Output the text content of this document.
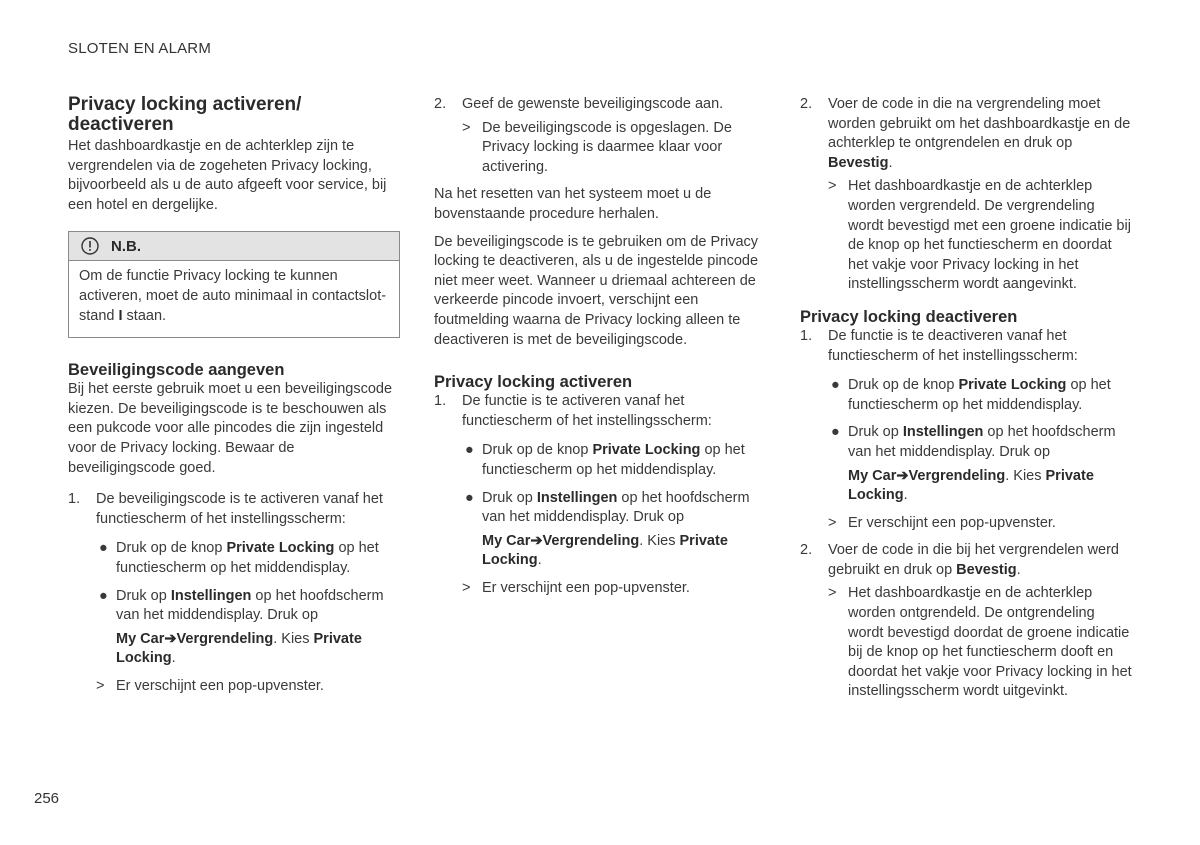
SLOTEN EN ALARM
Privacy locking activeren/ deactiveren

Het dashboardkastje en de achterklep zijn te vergrendelen via de zogeheten Privacy locking, bijvoorbeeld als u de auto afgeeft voor service, bij een hotel en dergelijke.

N.B.
Om de functie Privacy locking te kunnen activeren, moet de auto minimaal in contactslot-stand I staan.
Beveiligingscode aangeven

Bij het eerste gebruik moet u een beveiligingscode kiezen. De beveiligingscode is te beschouwen als een pukcode voor alle pincodes die zijn ingesteld voor de Privacy locking. Bewaar de beveiligingscode goed.

1. De beveiligingscode is te activeren vanaf het functiescherm of het instellingsscherm:
● Druk op de knop Private Locking op het functiescherm op het middendisplay.
● Druk op Instellingen op het hoofdscherm van het middendisplay. Druk op
My Car➔Vergrendeling. Kies Private Locking.
> Er verschijnt een pop-upvenster.
2. Geef de gewenste beveiligingscode aan.
> De beveiligingscode is opgeslagen. De Privacy locking is daarmee klaar voor activering.

Na het resetten van het systeem moet u de bovenstaande procedure herhalen.

De beveiligingscode is te gebruiken om de Privacy locking te deactiveren, als u de ingestelde pincode niet meer weet. Wanneer u driemaal achtereen de verkeerde pincode invoert, verschijnt een foutmelding waarna de Privacy locking alleen te deactiveren is met de beveiligingscode.

Privacy locking activeren
1. De functie is te activeren vanaf het functiescherm of het instellingsscherm:
● Druk op de knop Private Locking op het functiescherm op het middendisplay.
● Druk op Instellingen op het hoofdscherm van het middendisplay. Druk op
My Car➔Vergrendeling. Kies Private Locking.
> Er verschijnt een pop-upvenster.
2. Voer de code in die na vergrendeling moet worden gebruikt om het dashboardkastje en de achterklep te ontgrendelen en druk op Bevestig.
> Het dashboardkastje en de achterklep worden vergrendeld. De vergrendeling wordt bevestigd met een groene indicatie bij de knop op het functiescherm en doordat het vakje voor Privacy locking in het instellingsscherm wordt aangevinkt.
Privacy locking deactiveren
1. De functie is te deactiveren vanaf het functiescherm of het instellingsscherm:
● Druk op de knop Private Locking op het functiescherm op het middendisplay.
● Druk op Instellingen op het hoofdscherm van het middendisplay. Druk op
My Car➔Vergrendeling. Kies Private Locking.
> Er verschijnt een pop-upvenster.
2. Voer de code in die bij het vergrendelen werd gebruikt en druk op Bevestig.
> Het dashboardkastje en de achterklep worden ontgrendeld. De ontgrendeling wordt bevestigd doordat de groene indicatie bij de knop op het functiescherm dooft en doordat het vakje voor Privacy locking in het instellingsscherm wordt uitgevinkt.
256
